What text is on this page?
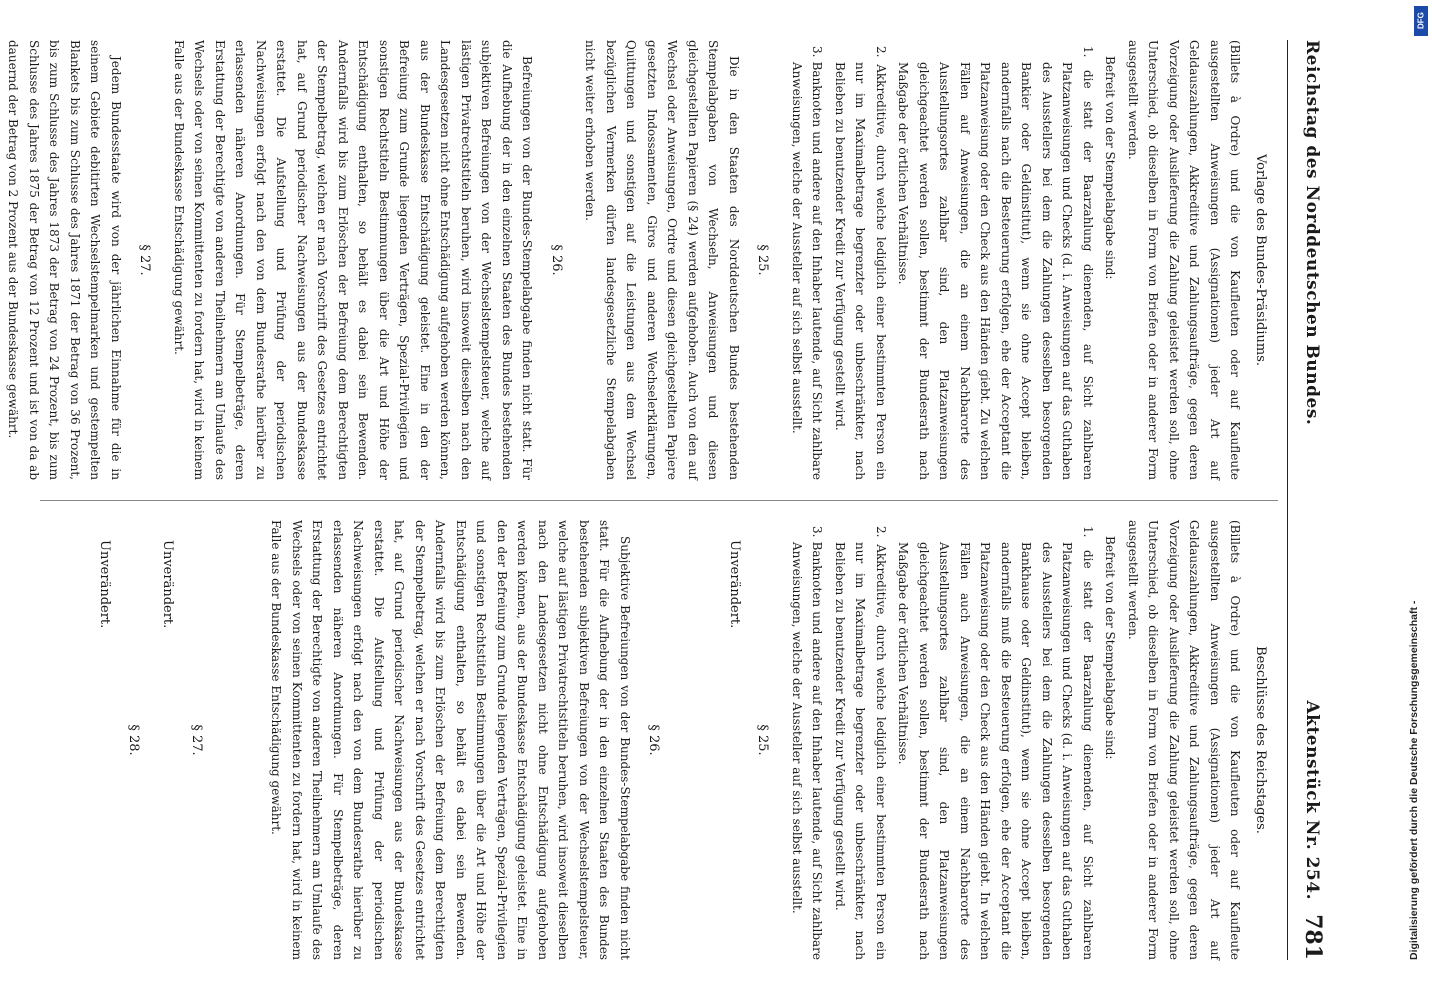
Reichstag des Norddeutschen Bundes.
Aktenstück Nr. 254.
781

Vorlage des Bundes-Präsidiums.

(Billets à Ordre) und die von Kaufleuten oder auf Kaufleute ausgestellten Anweisungen (Assignationen) jeder Art auf Geldauszahlungen, Akkreditive und Zahlungsaufträge, gegen deren Vorzeigung oder Auslieferung die Zahlung geleistet werden soll, ohne Unterschied, ob dieselben in Form von Briefen oder in anderer Form ausgestellt werden.

Befreit von der Stempelabgabe sind:

1. die statt der Baarzahlung dienenden, auf Sicht zahlbaren Platzanweisungen und Checks (d. i. Anweisungen auf das Guthaben des Ausstellers bei dem die Zahlungen desselben besorgenden Bankier oder Geldinstitut), wenn sie ohne Accept bleiben, andernfalls nach die Besteuerung erfolgen, ehe der Acceptant die Platzanweisung oder den Check aus den Händen giebt. Zu welchen Fällen auf Anweisungen, die an einem Nachbarorte des Ausstellungsortes zahlbar sind, den Platzanweisungen gleichgeachtet werden sollen, bestimmt der Bundesrath nach Maßgabe der örtlichen Verhältnisse.

2. Akkreditive, durch welche lediglich einer bestimmten Person ein nur im Maximalbetrage begrenzter oder unbeschränkter, nach Belieben zu benutzender Kredit zur Verfügung gestellt wird.

3. Banknoten und andere auf den Inhaber lautende, auf Sicht zahlbare Anweisungen, welche der Aussteller auf sich selbst ausstellt.

§ 25.

Die in den Staaten des Norddeutschen Bundes bestehenden Stempelabgaben von Wechseln, Anweisungen und diesen gleichgestellten Papieren (§ 24) werden aufgehoben. Auch von den auf Wechsel oder Anweisungen, Ordre und diesen gleichgestellten Papiere gesetzten Indossamenten, Giros und anderen Wechselerklärungen, Quittungen und sonstigen auf die Leistungen aus dem Wechsel bezüglichen Vermerken dürfen landesgesetzliche Stempelabgaben nicht weiter erhoben werden.

§ 26.

Befreiungen von der Bundes-Stempelabgabe finden nicht statt. Für die Aufhebung der in den einzelnen Staaten des Bundes bestehenden subjektiven Befreiungen von der Wechselstempelsteuer, welche auf lästigen Privatrechtstiteln beruhen, wird insoweit dieselben nach den Landesgesetzen nicht ohne Entschädigung aufgehoben werden können, aus der Bundeskasse Entschädigung geleistet. Eine in den der Befreiung zum Grunde liegenden Verträgen, Spezial-Privilegien und sonstigen Rechtstiteln Bestimmungen über die Art und Höhe der Entschädigung enthalten, so behält es dabei sein Bewenden. Andernfalls wird bis zum Erlöschen der Befreiung dem Berechtigten der Stempelbetrag, welchen er nach Vorschrift des Gesetzes entrichtet hat, auf Grund periodischer Nachweisungen aus der Bundeskasse erstattet. Die Aufstellung und Prüfung der periodischen Nachweisungen erfolgt nach den von dem Bundesrathe hierüber zu erlassenden näheren Anordnungen. Für Stempelbeträge, deren Erstattung der Berechtigte von anderen Theilnehmern am Umlaufe des Wechsels oder von seinen Kommittenten zu fordern hat, wird in keinem Falle aus der Bundeskasse Entschädigung gewährt.

§ 27.

Jedem Bundesstaate wird von der jährlichen Einnahme für die in seinem Gebiete debitirten Wechselstempelmarken und gestempelten Blankets bis zum Schlusse des Jahres 1871 der Betrag von 36 Prozent, bis zum Schlusse des Jahres 1873 der Betrag von 24 Prozent, bis zum Schlusse des Jahres 1875 der Betrag von 12 Prozent und ist von da ab dauernd der Betrag von 2 Prozent aus der Bundeskasse gewährt.

Beschlüsse des Reichstages.

(Billets à Ordre) und die von Kaufleuten oder auf Kaufleute ausgestellten Anweisungen (Assignationen) jeder Art auf Geldauszahlungen, Akkreditive und Zahlungsaufträge, gegen deren Vorzeigung oder Auslieferung die Zahlung geleistet werden soll, ohne Unterschied, ob dieselben in Form von Briefen oder in anderer Form ausgestellt werden.

Befreit von der Stempelabgabe sind:

1. die statt der Baarzahlung dienenden, auf Sicht zahlbaren Platzanweisungen und Checks (d. i. Anweisungen auf das Guthaben des Ausstellers bei dem die Zahlungen desselben besorgenden Bankhause oder Geldinstitut), wenn sie ohne Accept bleiben, andernfalls muß die Besteuerung erfolgen, ehe der Acceptant die Platzanweisung oder den Check aus den Händen giebt. In welchen Fällen auch Anweisungen, die an einem Nachbarorte des Ausstellungsortes zahlbar sind, den Platzanweisungen gleichgeachtet werden sollen, bestimmt der Bundesrath nach Maßgabe der örtlichen Verhältnisse.

2. Akkreditive, durch welche lediglich einer bestimmten Person ein nur im Maximalbetrage begrenzter oder unbeschränkter, nach Belieben zu benutzender Kredit zur Verfügung gestellt wird.

3. Banknoten und andere auf den Inhaber lautende, auf Sicht zahlbare Anweisungen, welche der Aussteller auf sich selbst ausstellt.

§ 25.

Unverändert.

§ 26.

Subjektive Befreiungen von der Bundes-Stempelabgabe finden nicht statt. Für die Aufhebung der in den einzelnen Staaten des Bundes bestehenden subjektiven Befreiungen von der Wechselstempelsteuer, welche auf lästigen Privatrechtstiteln beruhen, wird insoweit dieselben nach den Landesgesetzen nicht ohne Entschädigung aufgehoben werden können, aus der Bundeskasse Entschädigung geleistet. Eine in den der Befreiung zum Grunde liegenden Verträgen, Spezial-Privilegien und sonstigen Rechtstiteln Bestimmungen über die Art und Höhe der Entschädigung enthalten, so behält es dabei sein Bewenden. Andernfalls wird bis zum Erlöschen der Befreiung dem Berechtigten der Stempelbetrag, welchen er nach Vorschrift des Gesetzes entrichtet hat, auf Grund periodischer Nachweisungen aus der Bundeskasse erstattet. Die Aufstellung und Prüfung der periodischen Nachweisungen erfolgt nach den von dem Bundesrathe hierüber zu erlassenden näheren Anordnungen. Für Stempelbeträge, deren Erstattung der Berechtigte von anderen Theilnehmern am Umlaufe des Wechsels oder von seinen Kommittenten zu fordern hat, wird in keinem Falle aus der Bundeskasse Entschädigung gewährt.

§ 27.

Unverändert.

§ 28.

Unverändert.

DFG
Digitalisierung gefördert durch die Deutsche Forschungsgemeinschaft -
